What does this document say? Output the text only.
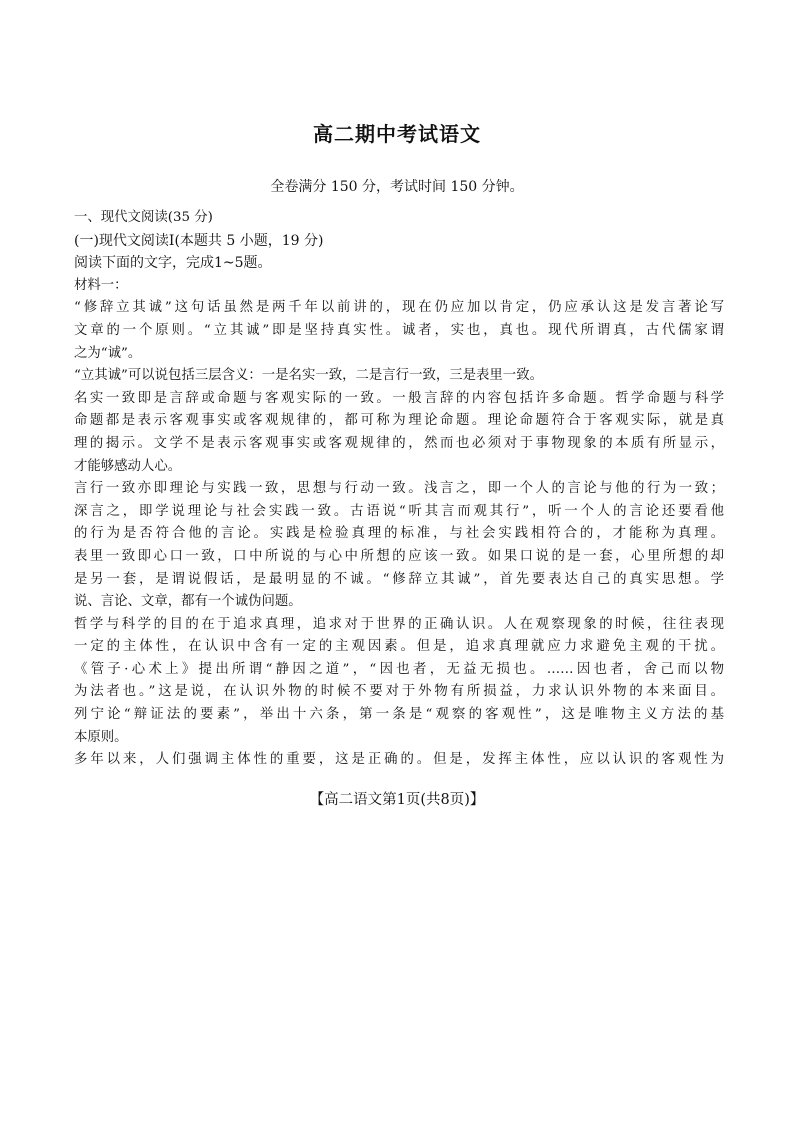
高二期中考试语文
全卷满分 150 分，考试时间 150 分钟。
一、现代文阅读(35 分)
(一)现代文阅读Ⅰ(本题共 5 小题，19 分)
阅读下面的文字，完成1~5题。
材料一：
“修辞立其诚”这句话虽然是两千年以前讲的，现在仍应加以肯定，仍应承认这是发言著论写
文章的一个原则。“立其诚”即是坚持真实性。诚者，实也，真也。现代所谓真，古代儒家谓
之为“诚”。
“立其诚”可以说包括三层含义：一是名实一致，二是言行一致，三是表里一致。
名实一致即是言辞或命题与客观实际的一致。一般言辞的内容包括许多命题。哲学命题与科学
命题都是表示客观事实或客观规律的，都可称为理论命题。理论命题符合于客观实际，就是真
理的揭示。文学不是表示客观事实或客观规律的，然而也必须对于事物现象的本质有所显示，
才能够感动人心。
言行一致亦即理论与实践一致，思想与行动一致。浅言之，即一个人的言论与他的行为一致；
深言之，即学说理论与社会实践一致。古语说“听其言而观其行”，听一个人的言论还要看他
的行为是否符合他的言论。实践是检验真理的标准，与社会实践相符合的，才能称为真理。
表里一致即心口一致，口中所说的与心中所想的应该一致。如果口说的是一套，心里所想的却
是另一套，是谓说假话，是最明显的不诚。“修辞立其诚”，首先要表达自己的真实思想。学
说、言论、文章，都有一个诚伪问题。
哲学与科学的目的在于追求真理，追求对于世界的正确认识。人在观察现象的时候，往往表现
一定的主体性，在认识中含有一定的主观因素。但是，追求真理就应力求避免主观的干扰。
《管子·心术上》提出所谓“静因之道”，“因也者，无益无损也。……因也者，舍己而以物
为法者也。”这是说，在认识外物的时候不要对于外物有所损益，力求认识外物的本来面目。
列宁论“辩证法的要素”，举出十六条，第一条是“观察的客观性”，这是唯物主义方法的基
本原则。
多年以来，人们强调主体性的重要，这是正确的。但是，发挥主体性，应以认识的客观性为
【高二语文第1页(共8页)】
